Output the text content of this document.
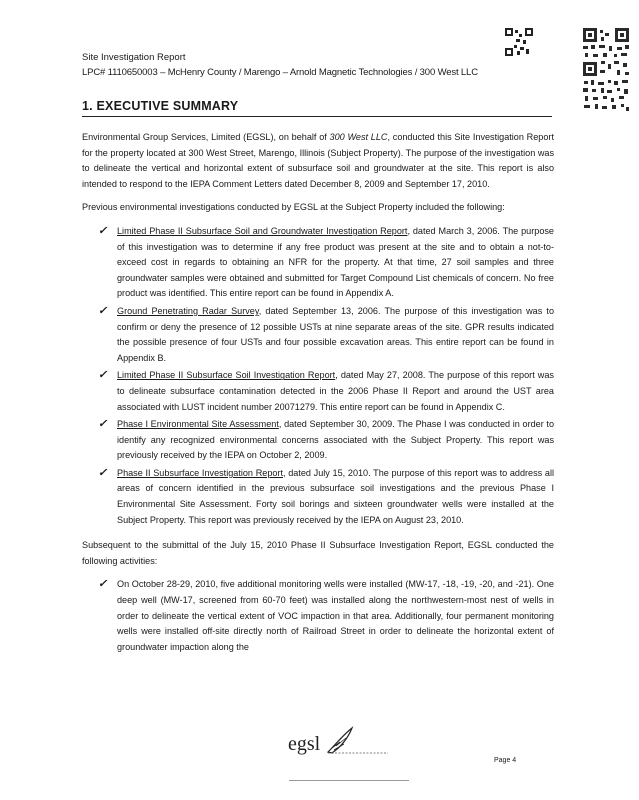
Site Investigation Report
LPC# 1110650003 – McHenry County / Marengo – Arnold Magnetic Technologies / 300 West LLC
1. EXECUTIVE SUMMARY

Environmental Group Services, Limited (EGSL), on behalf of 300 West LLC, conducted this Site Investigation Report for the property located at 300 West Street, Marengo, Illinois (Subject Property). The purpose of the investigation was to delineate the vertical and horizontal extent of subsurface soil and groundwater at the site. This report is also intended to respond to the IEPA Comment Letters dated December 8, 2009 and September 17, 2010.

Previous environmental investigations conducted by EGSL at the Subject Property included the following:

✓ Limited Phase II Subsurface Soil and Groundwater Investigation Report, dated March 3, 2006. The purpose of this investigation was to determine if any free product was present at the site and to obtain a not-to-exceed cost in regards to obtaining an NFR for the property. At that time, 27 soil samples and three groundwater samples were obtained and submitted for Target Compound List chemicals of concern. No free product was identified. This entire report can be found in Appendix A.
✓ Ground Penetrating Radar Survey, dated September 13, 2006. The purpose of this investigation was to confirm or deny the presence of 12 possible USTs at nine separate areas of the site. GPR results indicated the possible presence of four USTs and four possible excavation areas. This entire report can be found in Appendix B.
✓ Limited Phase II Subsurface Soil Investigation Report, dated May 27, 2008. The purpose of this report was to delineate subsurface contamination detected in the 2006 Phase II Report and around the UST area associated with LUST incident number 20071279. This entire report can be found in Appendix C.
✓ Phase I Environmental Site Assessment, dated September 30, 2009. The Phase I was conducted in order to identify any recognized environmental concerns associated with the Subject Property. This report was previously received by the IEPA on October 2, 2009.
✓ Phase II Subsurface Investigation Report, dated July 15, 2010. The purpose of this report was to address all areas of concern identified in the previous subsurface soil investigations and the previous Phase I Environmental Site Assessment. Forty soil borings and sixteen groundwater wells were installed at the Subject Property. This report was previously received by the IEPA on August 23, 2010.

Subsequent to the submittal of the July 15, 2010 Phase II Subsurface Investigation Report, EGSL conducted the following activities:

✓ On October 28-29, 2010, five additional monitoring wells were installed (MW-17, -18, -19, -20, and -21). One deep well (MW-17, screened from 60-70 feet) was installed along the northwestern-most nest of wells in order to delineate the vertical extent of VOC impaction in that area. Additionally, four permanent monitoring wells were installed off-site directly north of Railroad Street in order to delineate the horizontal extent of groundwater impaction along the
egsl
Page 4
